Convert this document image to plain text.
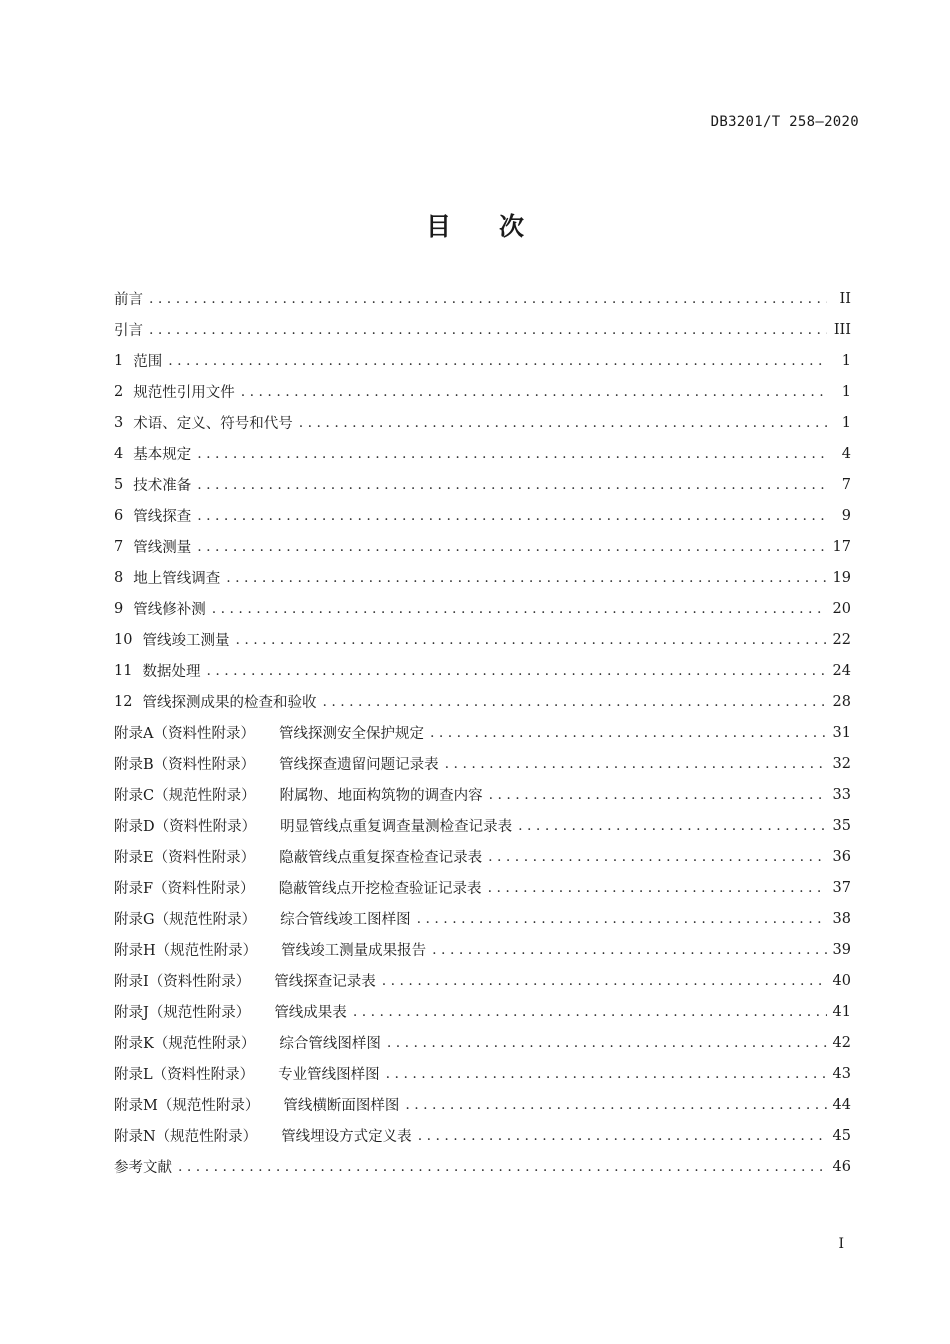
DB3201/T 258—2020
目 次
前言 . . .	II
引言 . . .	III
1 范围 . . .	1
2 规范性引用文件 . . .	1
3 术语、定义、符号和代号 . . .	1
4 基本规定 . . .	4
5 技术准备 . . .	7
6 管线探查 . . .	9
7 管线测量 . . .	17
8 地上管线调查 . . .	19
9 管线修补测 . . .	20
10 管线竣工测量 . . .	22
11 数据处理 . . .	24
12 管线探测成果的检查和验收 . . .	28
附录A（资料性附录） 管线探测安全保护规定 . . .	31
附录B（资料性附录） 管线探查遗留问题记录表 . . .	32
附录C（规范性附录） 附属物、地面构筑物的调查内容 . . .	33
附录D（资料性附录） 明显管线点重复调查量测检查记录表 . . .	35
附录E（资料性附录） 隐蔽管线点重复探查检查记录表 . . .	36
附录F（资料性附录） 隐蔽管线点开挖检查验证记录表 . . .	37
附录G（规范性附录） 综合管线竣工图样图 . . .	38
附录H（规范性附录） 管线竣工测量成果报告 . . .	39
附录I（资料性附录） 管线探查记录表 . . .	40
附录J（规范性附录） 管线成果表 . . .	41
附录K（规范性附录） 综合管线图样图 . . .	42
附录L（资料性附录） 专业管线图样图 . . .	43
附录M（规范性附录） 管线横断面图样图 . . .	44
附录N（规范性附录） 管线埋设方式定义表 . . .	45
参考文献 . . .	46
I
